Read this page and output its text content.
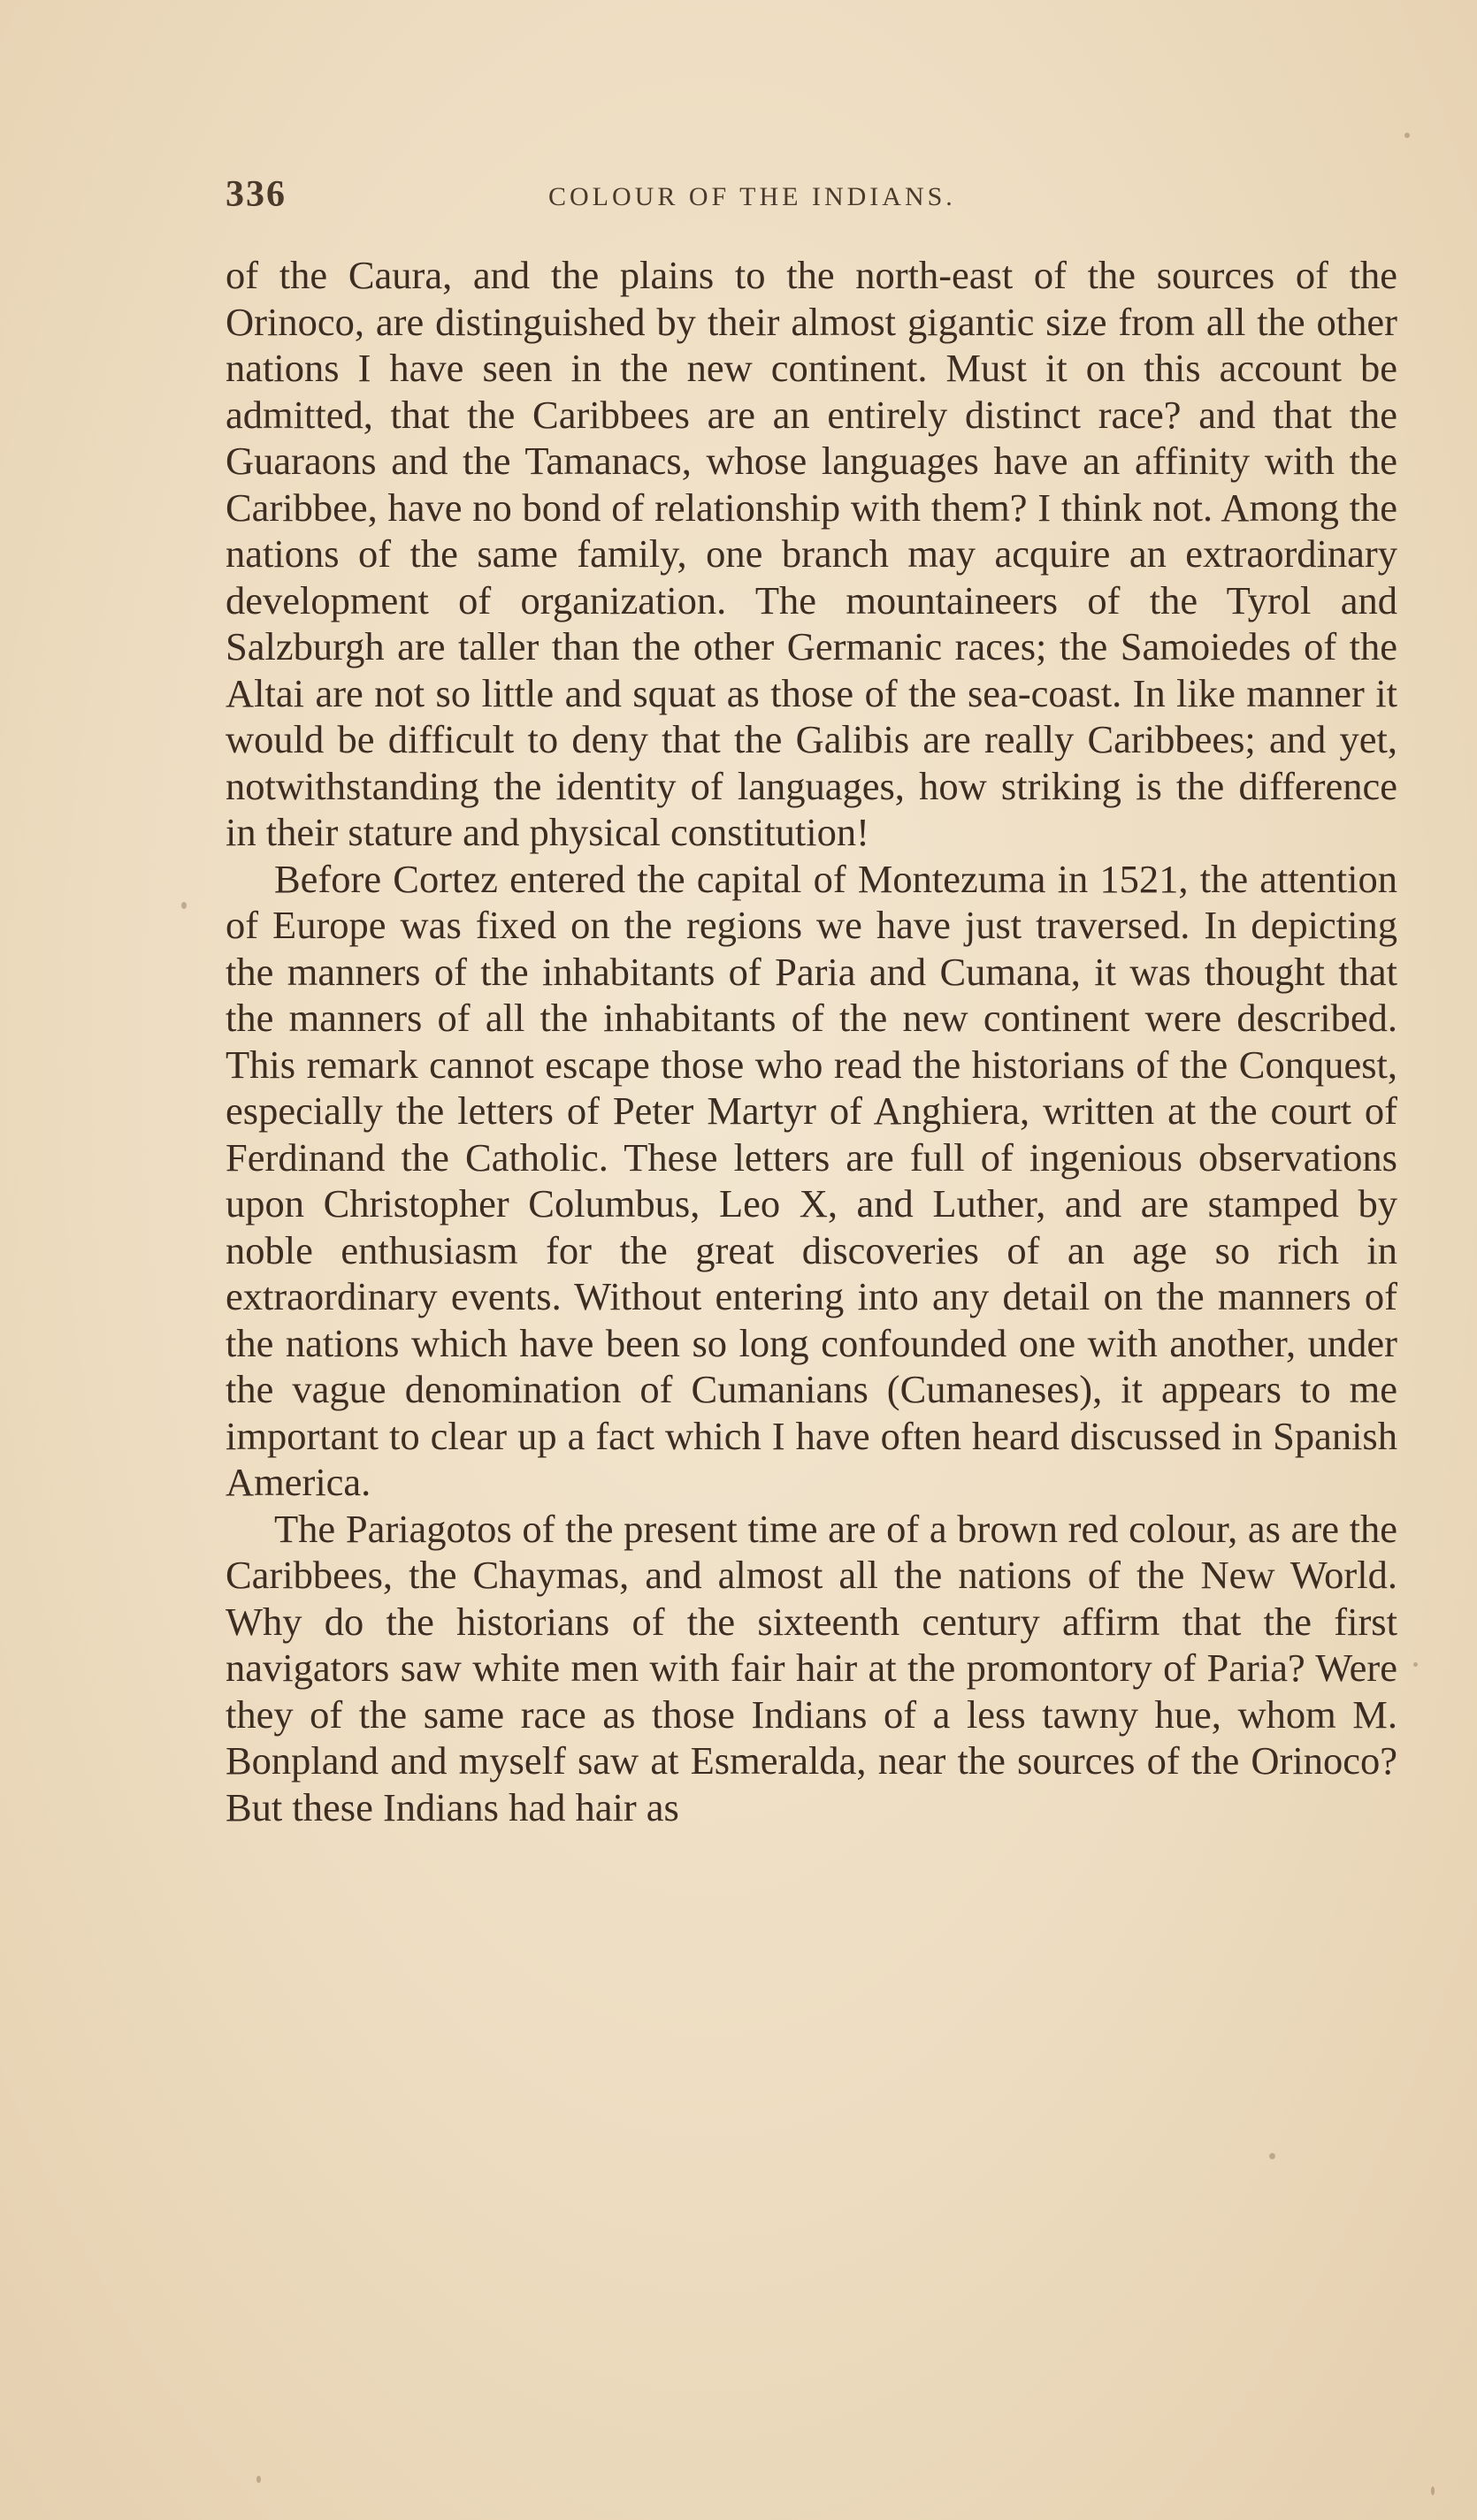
336	COLOUR OF THE INDIANS.

of the Caura, and the plains to the north-east of the sources of the Orinoco, are distinguished by their almost gigantic size from all the other nations I have seen in the new continent. Must it on this account be admitted, that the Caribbees are an entirely distinct race? and that the Guaraons and the Tamanacs, whose languages have an affinity with the Caribbee, have no bond of relationship with them? I think not. Among the nations of the same family, one branch may acquire an extraordinary development of organization. The mountaineers of the Tyrol and Salzburgh are taller than the other Germanic races; the Samoiedes of the Altai are not so little and squat as those of the sea-coast. In like manner it would be difficult to deny that the Galibis are really Caribbees; and yet, notwithstanding the identity of languages, how striking is the difference in their stature and physical constitution!

Before Cortez entered the capital of Montezuma in 1521, the attention of Europe was fixed on the regions we have just traversed. In depicting the manners of the inhabitants of Paria and Cumana, it was thought that the manners of all the inhabitants of the new continent were described. This remark cannot escape those who read the historians of the Conquest, especially the letters of Peter Martyr of Anghiera, written at the court of Ferdinand the Catholic. These letters are full of ingenious observations upon Christopher Columbus, Leo X, and Luther, and are stamped by noble enthusiasm for the great discoveries of an age so rich in extraordinary events. Without entering into any detail on the manners of the nations which have been so long confounded one with another, under the vague denomination of Cumanians (Cumaneses), it appears to me important to clear up a fact which I have often heard discussed in Spanish America.

The Pariagotos of the present time are of a brown red colour, as are the Caribbees, the Chaymas, and almost all the nations of the New World. Why do the historians of the sixteenth century affirm that the first navigators saw white men with fair hair at the promontory of Paria? Were they of the same race as those Indians of a less tawny hue, whom M. Bonpland and myself saw at Esmeralda, near the sources of the Orinoco? But these Indians had hair as
